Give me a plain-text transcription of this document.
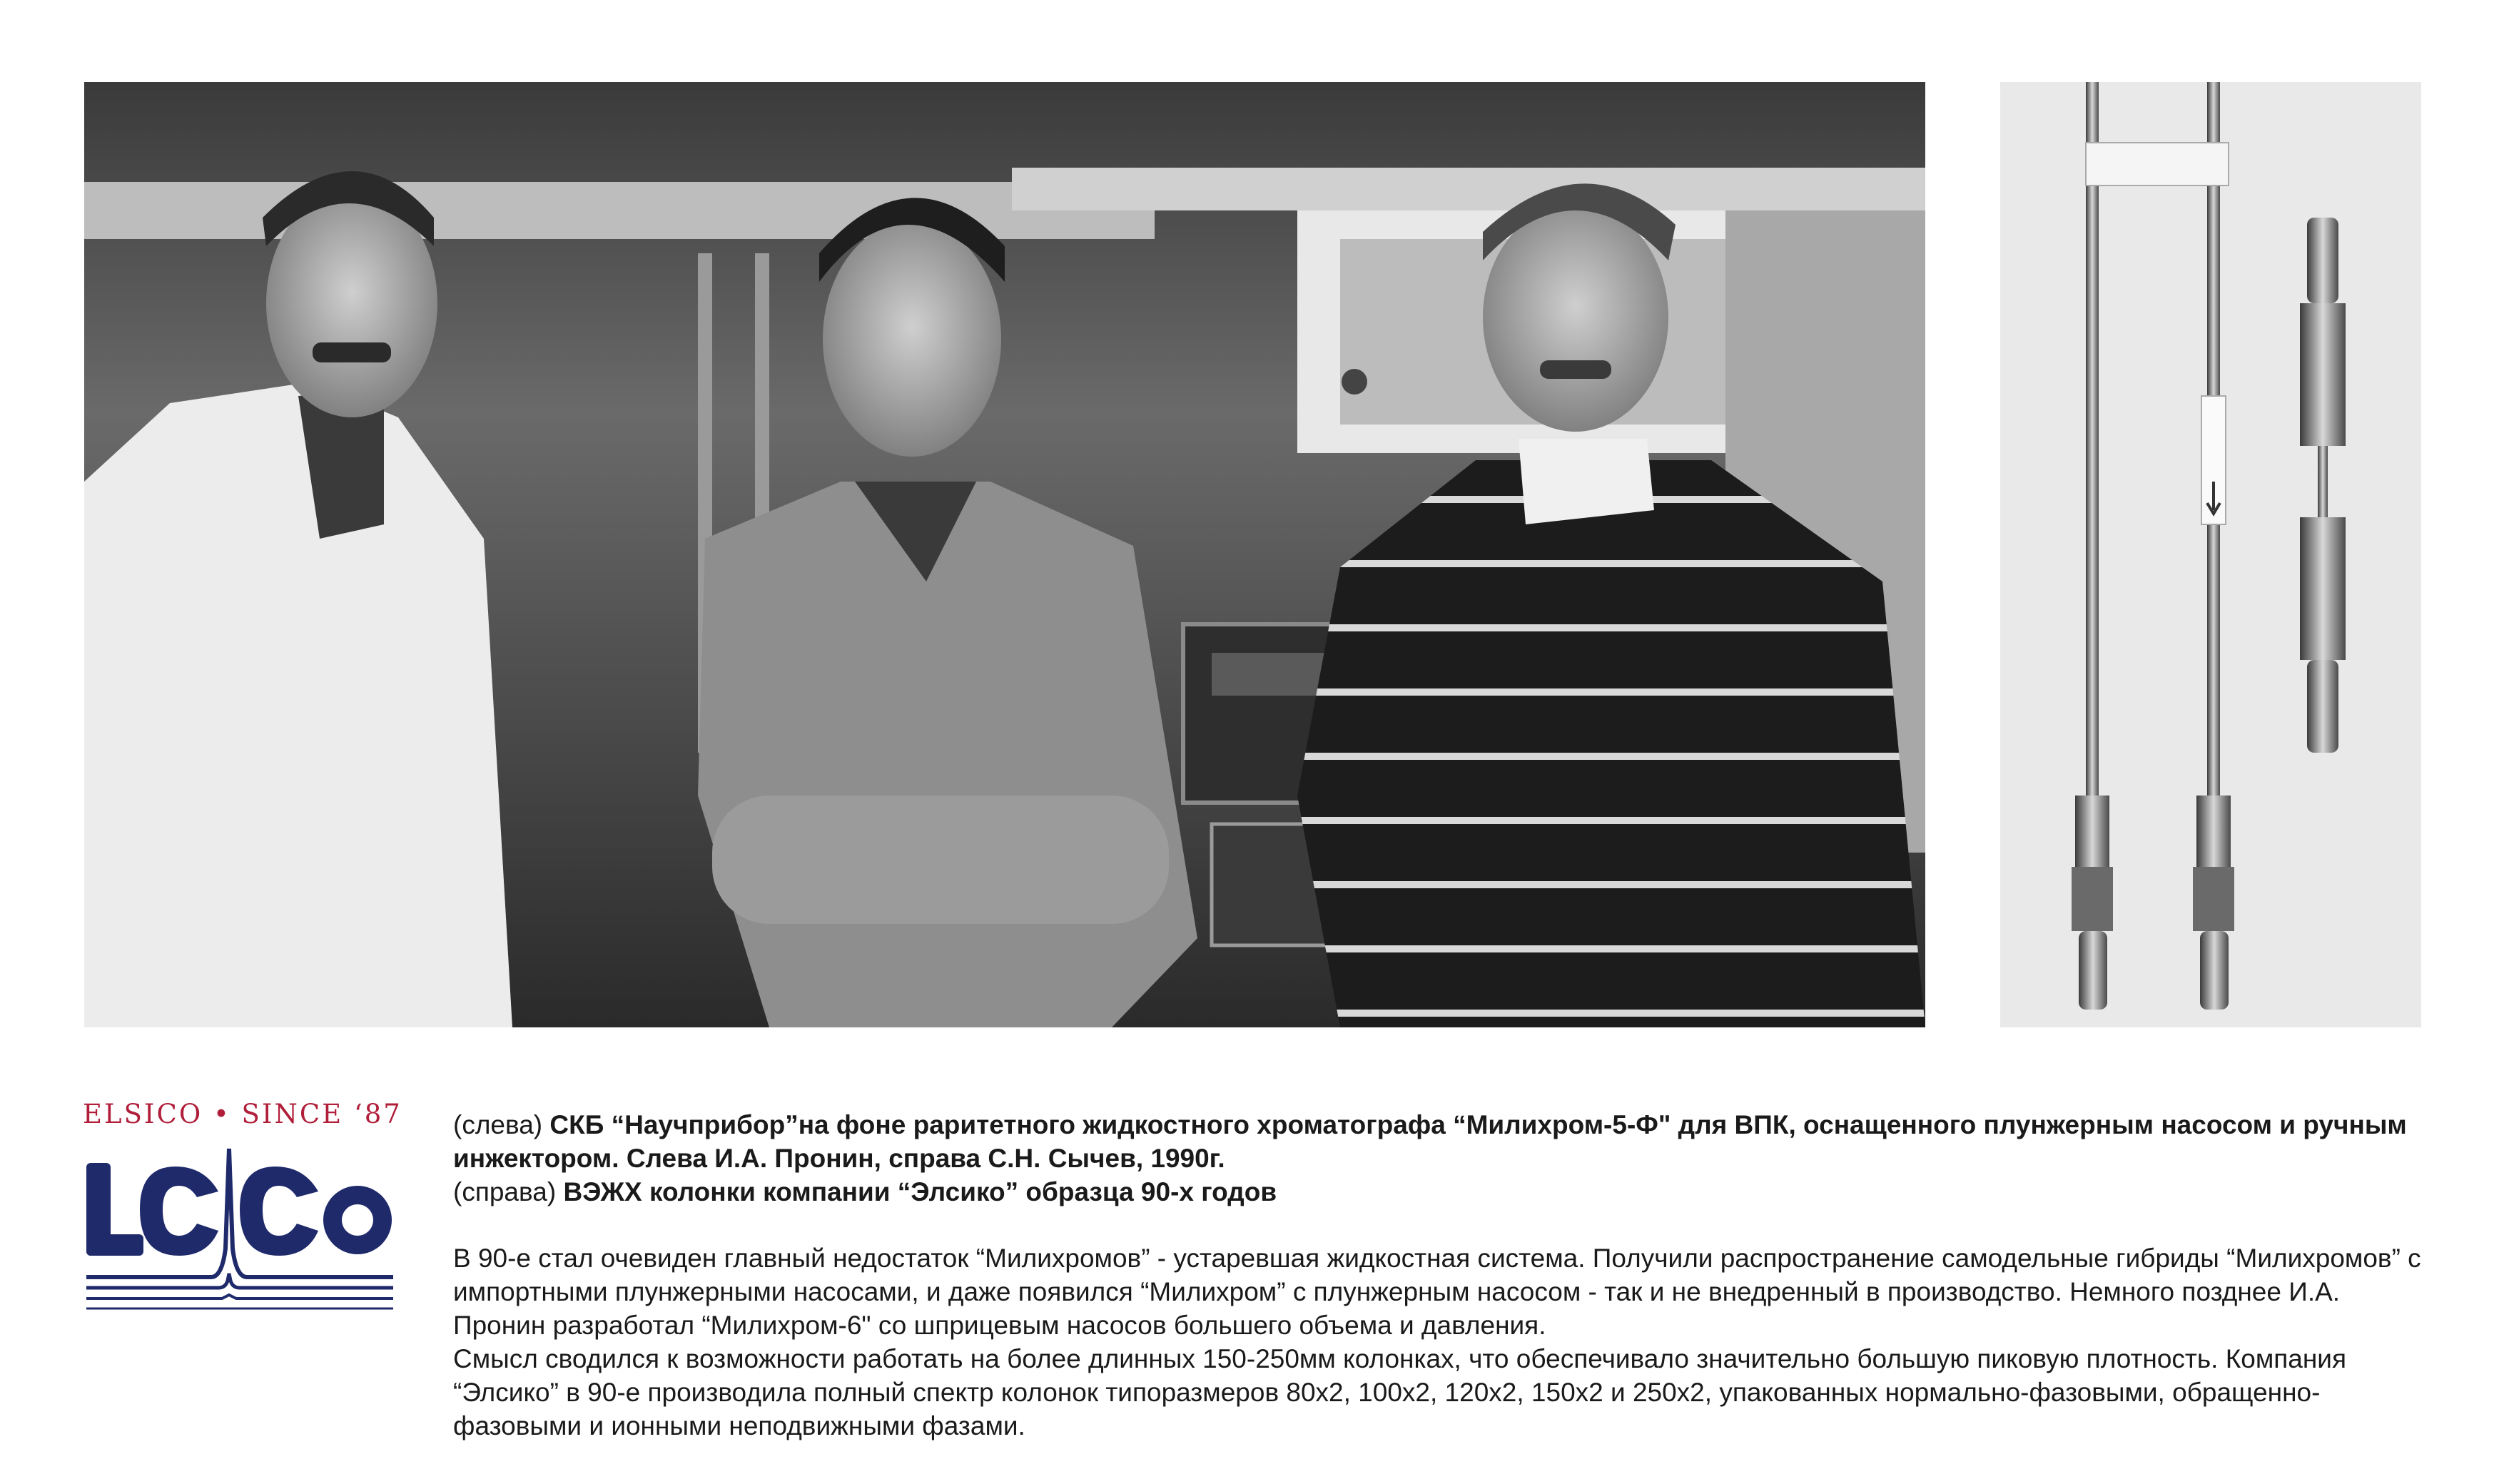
ELSICO • SINCE ‘87 (слева) СКБ “Научприбор”на фоне раритетного жидкостного хроматографа “Милихром-5-Ф" для ВПК, оснащенного плунжерным насосом и ручным инжектором. Слева И.А. Пронин, справа С.Н. Сычев, 1990г.

(справа) ВЭЖХ колонки компании “Элсико” образца 90-х годов

В 90-е стал очевиден главный недостаток “Милихромов” - устаревшая жидкостная система. Получили распространение самодельные гибриды “Милихромов” с импортными плунжерными насосами, и даже появился “Милихром” с плунжерным насосом - так и не внедренный в производство. Немного позднее И.А. Пронин разработал “Милихром-6" со шприцевым насосов большего объема и давления.

Смысл сводился к возможности работать на более длинных 150-250мм колонках, что обеспечивало значительно большую пиковую плотность. Компания “Элсико” в 90-е производила полный спектр колонок типоразмеров 80х2, 100х2, 120х2, 150х2 и 250х2, упакованных нормально-фазовыми, обращенно-фазовыми и ионными неподвижными фазами.
